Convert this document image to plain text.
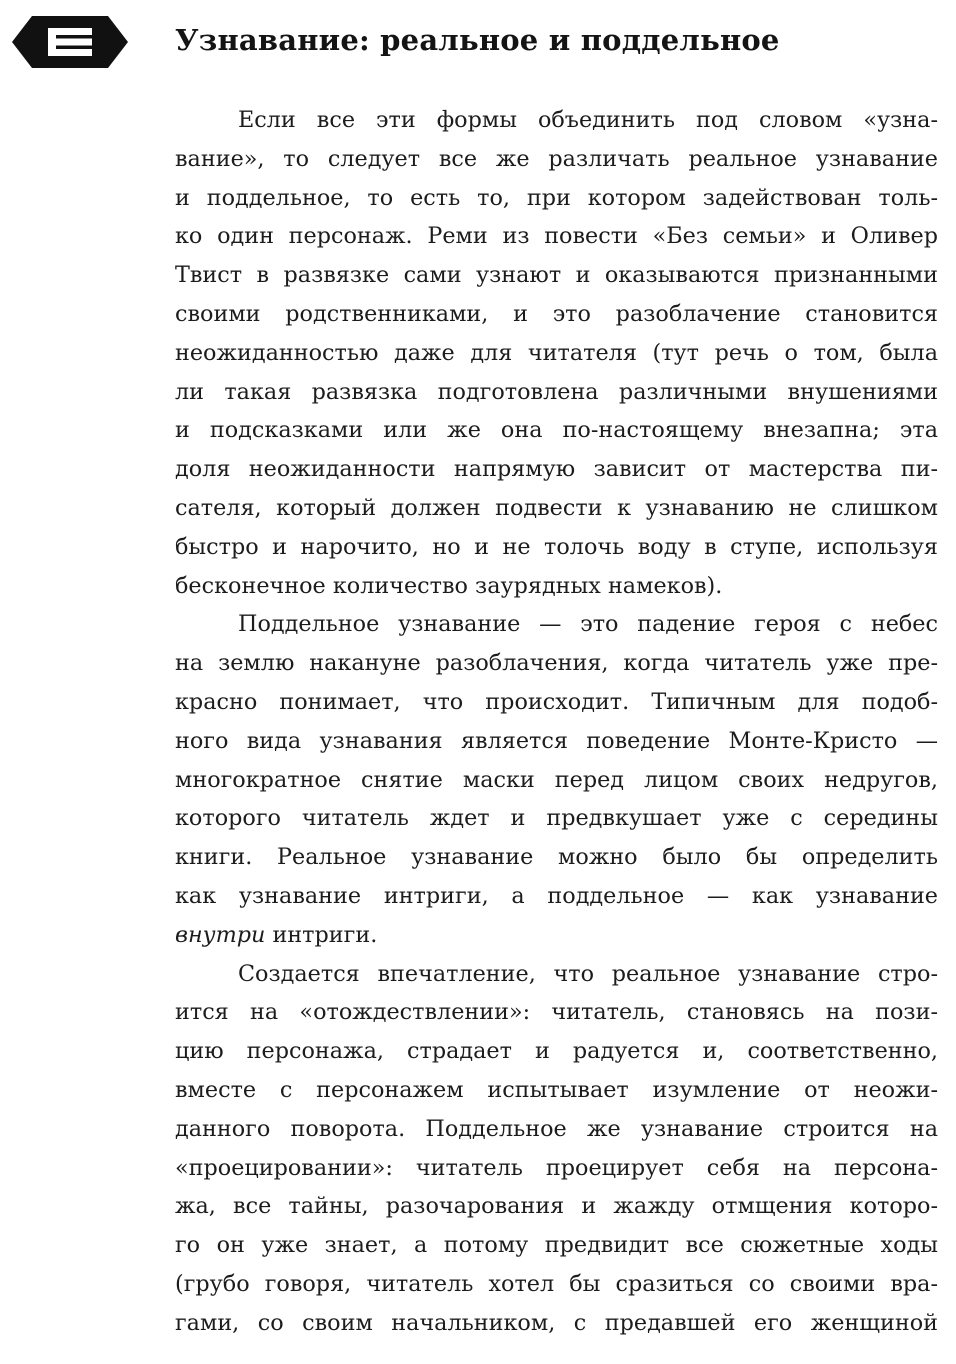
Узнавание: реальное и поддельное
Если все эти формы объединить под словом «узна-
вание», то следует все же различать реальное узнавание
и поддельное, то есть то, при котором задействован толь-
ко один персонаж. Реми из повести «Без семьи» и Оливер
Твист в развязке сами узнают и оказываются признанными
своими родственниками, и это разоблачение становится
неожиданностью даже для читателя (тут речь о том, была
ли такая развязка подготовлена различными внушениями
и подсказками или же она по-настоящему внезапна; эта
доля неожиданности напрямую зависит от мастерства пи-
сателя, который должен подвести к узнаванию не слишком
быстро и нарочито, но и не толочь воду в ступе, используя
бесконечное количество заурядных намеков).
Поддельное узнавание — это падение героя с небес
на землю накануне разоблачения, когда читатель уже пре-
красно понимает, что происходит. Типичным для подоб-
ного вида узнавания является поведение Монте-Кристо —
многократное снятие маски перед лицом своих недругов,
которого читатель ждет и предвкушает уже с середины
книги. Реальное узнавание можно было бы определить
как узнавание интриги, а поддельное — как узнавание
внутри интриги.
Создается впечатление, что реальное узнавание стро-
ится на «отождествлении»: читатель, становясь на пози-
цию персонажа, страдает и радуется и, соответственно,
вместе с персонажем испытывает изумление от неожи-
данного поворота. Поддельное же узнавание строится на
«проецировании»: читатель проецирует себя на персона-
жа, все тайны, разочарования и жажду отмщения которо-
го он уже знает, а потому предвидит все сюжетные ходы
(грубо говоря, читатель хотел бы сразиться со своими вра-
гами, со своим начальником, с предавшей его женщиной
